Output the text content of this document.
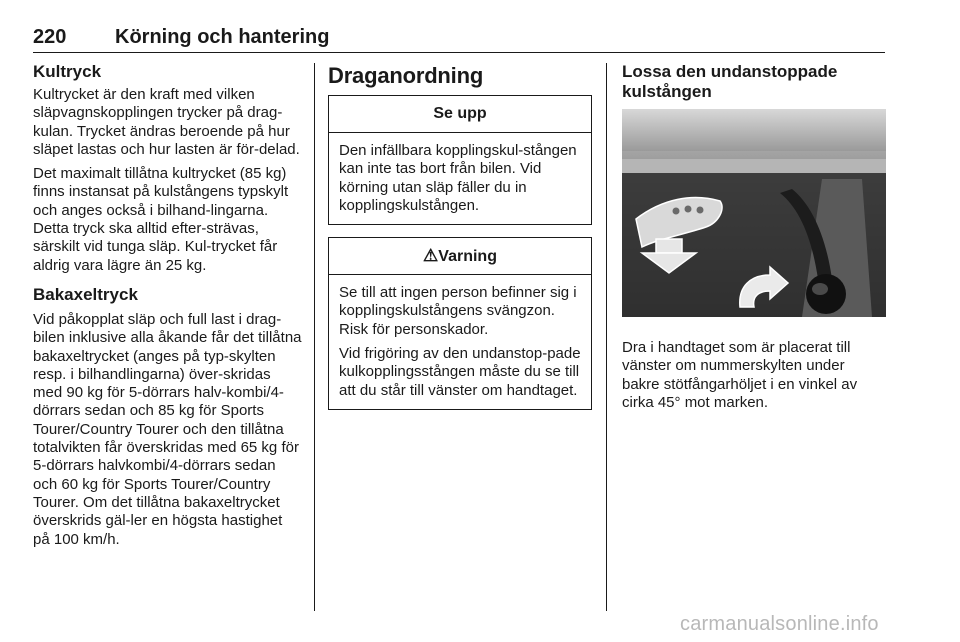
220 Körning och hantering
Kultryck

Kultrycket är den kraft med vilken släpvagnskopplingen trycker på drag-kulan. Trycket ändras beroende på hur släpet lastas och hur lasten är för-delad.

Det maximalt tillåtna kultrycket (85 kg) finns instansat på kulstångens typskylt och anges också i bilhand-lingarna. Detta tryck ska alltid efter-strävas, särskilt vid tunga släp. Kul-trycket får aldrig vara lägre än 25 kg.

Bakaxeltryck

Vid påkopplat släp och full last i drag-bilen inklusive alla åkande får det tillåtna bakaxeltrycket (anges på typ-skylten resp. i bilhandlingarna) över-skridas med 90 kg för 5-dörrars halv-kombi/4-dörrars sedan och 85 kg för Sports Tourer/Country Tourer och den tillåtna totalvikten får överskridas med 65 kg för 5-dörrars halvkombi/4-dörrars sedan och 60 kg för Sports Tourer/Country Tourer. Om det tillåtna bakaxeltrycket överskrids gäl-ler en högsta hastighet på 100 km/h.

Draganordning
Se upp

Den infällbara kopplingskul-stången kan inte tas bort från bilen. Vid körning utan släp fäller du in kopplingskulstången.

⚠Varning

Se till att ingen person befinner sig i kopplingskulstångens svängzon. Risk för personskador.

Vid frigöring av den undanstop-pade kulkopplingsstången måste du se till att du står till vänster om handtaget.

Lossa den undanstoppade kulstången

Dra i handtaget som är placerat till vänster om nummerskylten under bakre stötfångarhöljet i en vinkel av cirka 45° mot marken.

carmanualsonline.info
